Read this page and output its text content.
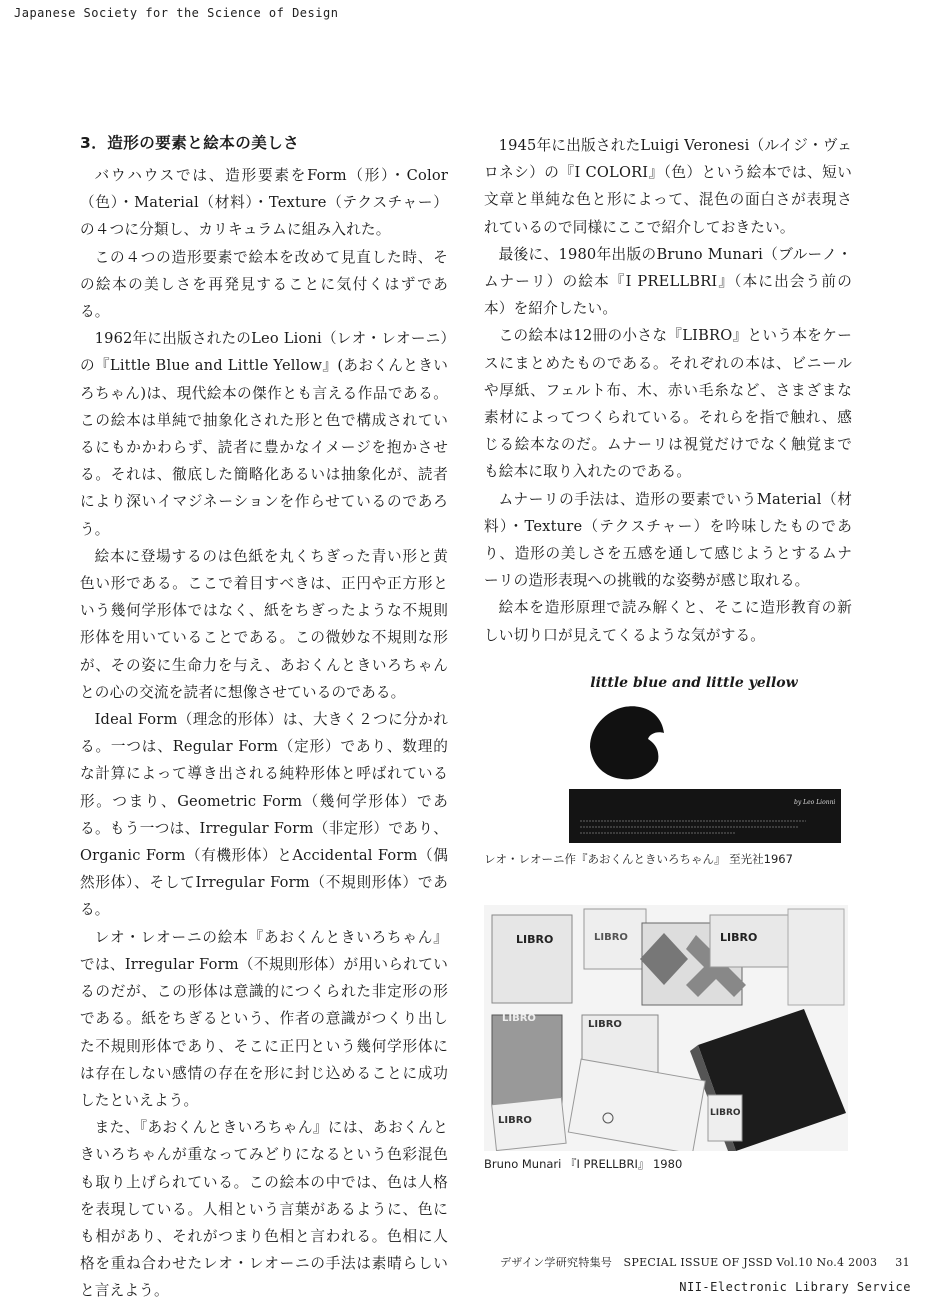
Japanese Society for the Science of Design
3．造形の要素と絵本の美しさ

バウハウスでは、造形要素をForm（形）・Color（色）・Material（材料）・Texture（テクスチャー）の４つに分類し、カリキュラムに組み入れた。

この４つの造形要素で絵本を改めて見直した時、その絵本の美しさを再発見することに気付くはずである。

1962年に出版されたのLeo Lioni（レオ・レオーニ）の『Little Blue and Little Yellow』(あおくんときいろちゃん)は、現代絵本の傑作とも言える作品である。この絵本は単純で抽象化された形と色で構成されているにもかかわらず、読者に豊かなイメージを抱かさせる。それは、徹底した簡略化あるいは抽象化が、読者により深いイマジネーションを作らせているのであろう。

絵本に登場するのは色紙を丸くちぎった青い形と黄色い形である。ここで着目すべきは、正円や正方形という幾何学形体ではなく、紙をちぎったような不規則形体を用いていることである。この微妙な不規則な形が、その姿に生命力を与え、あおくんときいろちゃんとの心の交流を読者に想像させているのである。

Ideal Form（理念的形体）は、大きく２つに分かれる。一つは、Regular Form（定形）であり、数理的な計算によって導き出される純粋形体と呼ばれている形。つまり、Geometric Form（幾何学形体）である。もう一つは、Irregular Form（非定形）であり、Organic Form（有機形体）とAccidental Form（偶然形体）、そしてIrregular Form（不規則形体）である。

レオ・レオーニの絵本『あおくんときいろちゃん』では、Irregular Form（不規則形体）が用いられているのだが、この形体は意識的につくられた非定形の形である。紙をちぎるという、作者の意識がつくり出した不規則形体であり、そこに正円という幾何学形体には存在しない感情の存在を形に封じ込めることに成功したといえよう。

また、『あおくんときいろちゃん』には、あおくんときいろちゃんが重なってみどりになるという色彩混色も取り上げられている。この絵本の中では、色は人格を表現している。人相という言葉があるように、色にも相があり、それがつまり色相と言われる。色相に人格を重ね合わせたレオ・レオーニの手法は素晴らしいと言えよう。

1945年に出版されたLuigi Veronesi（ルイジ・ヴェロネシ）の『I COLORI』（色）という絵本では、短い文章と単純な色と形によって、混色の面白さが表現されているので同様にここで紹介しておきたい。

最後に、1980年出版のBruno Munari（ブルーノ・ムナーリ）の絵本『I PRELLBRI』（本に出会う前の本）を紹介したい。

この絵本は12冊の小さな『LIBRO』という本をケースにまとめたものである。それぞれの本は、ビニールや厚紙、フェルト布、木、赤い毛糸など、さまざまな素材によってつくられている。それらを指で触れ、感じる絵本なのだ。ムナーリは視覚だけでなく触覚までも絵本に取り入れたのである。

ムナーリの手法は、造形の要素でいうMaterial（材料）・Texture（テクスチャー）を吟味したものであり、造形の美しさを五感を通して感じようとするムナーリの造形表現への挑戦的な姿勢が感じ取れる。

絵本を造形原理で読み解くと、そこに造形教育の新しい切り口が見えてくるような気がする。

little blue and little yellow
by Leo Lionni
レオ・レオーニ作『あおくんときいろちゃん』 至光社1967
LIBRO	LIBRO	LIBRO
LIBRO
LIBRO
LIBRO
LIBRO
Bruno Munari 『I PRELLBRI』 1980
デザイン学研究特集号　SPECIAL ISSUE OF JSSD Vol.10 No.4 2003 31
NII-Electronic Library Service
